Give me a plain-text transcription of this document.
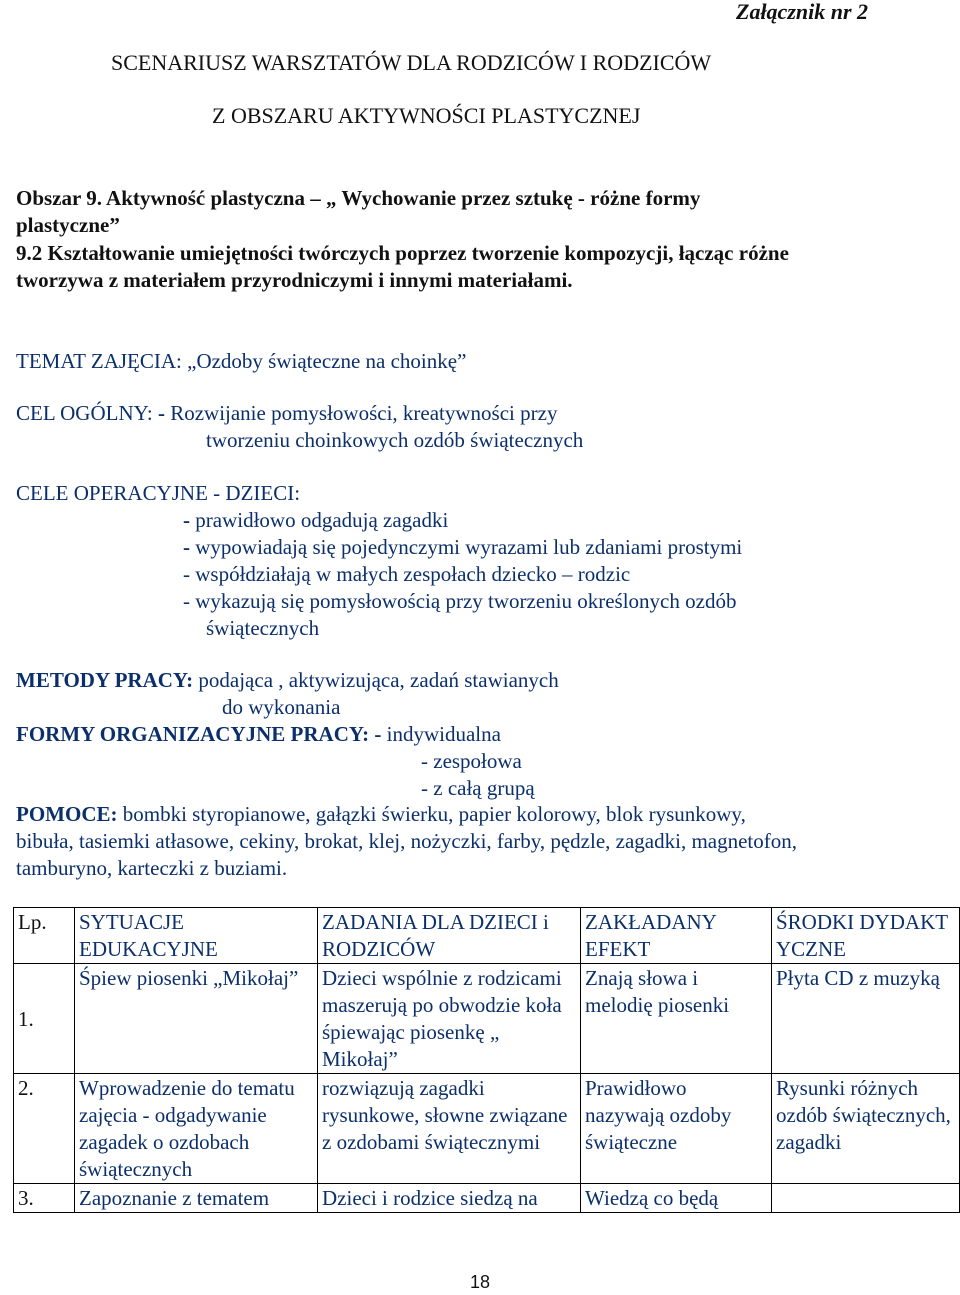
Załącznik nr 2
SCENARIUSZ WARSZTATÓW DLA RODZICÓW I RODZICÓW
Z OBSZARU AKTYWNOŚCI PLASTYCZNEJ
Obszar 9. Aktywność plastyczna – „ Wychowanie przez sztukę - różne formy
plastyczne”
9.2 Kształtowanie umiejętności twórczych poprzez tworzenie kompozycji, łącząc różne
tworzywa z materiałem przyrodniczymi i innymi materiałami.
TEMAT ZAJĘCIA: „Ozdoby świąteczne na choinkę”
CEL OGÓLNY: - Rozwijanie pomysłowości, kreatywności przy
tworzeniu choinkowych ozdób świątecznych
CELE OPERACYJNE - DZIECI:
- prawidłowo odgadują zagadki
- wypowiadają się pojedynczymi wyrazami lub zdaniami prostymi
- współdziałają w małych zespołach dziecko – rodzic
- wykazują się pomysłowością przy tworzeniu określonych ozdób
świątecznych
METODY PRACY: podająca , aktywizująca, zadań stawianych
do wykonania
FORMY ORGANIZACYJNE PRACY: - indywidualna
- zespołowa
- z całą grupą
POMOCE: bombki styropianowe, gałązki świerku, papier kolorowy, blok rysunkowy,
bibuła, tasiemki atłasowe, cekiny, brokat, klej, nożyczki, farby, pędzle, zagadki, magnetofon,
tamburyno, karteczki z buziami.
Lp.	SYTUACJE EDUKACYJNE	ZADANIA DLA DZIECI i RODZICÓW	ZAKŁADANY EFEKT	ŚRODKI DYDAKTYCZNE
1.	Śpiew piosenki „Mikołaj”	Dzieci wspólnie z rodzicami maszerują po obwodzie koła śpiewając piosenkę „ Mikołaj”	Znają słowa i melodię piosenki	Płyta CD z muzyką
2.	Wprowadzenie do tematu zajęcia - odgadywanie zagadek o ozdobach świątecznych	rozwiązują zagadki rysunkowe, słowne związane z ozdobami świątecznymi	Prawidłowo nazywają ozdoby świąteczne	Rysunki różnych ozdób świątecznych, zagadki
3.	Zapoznanie z tematem	Dzieci i rodzice siedzą na	Wiedzą co będą	
18
